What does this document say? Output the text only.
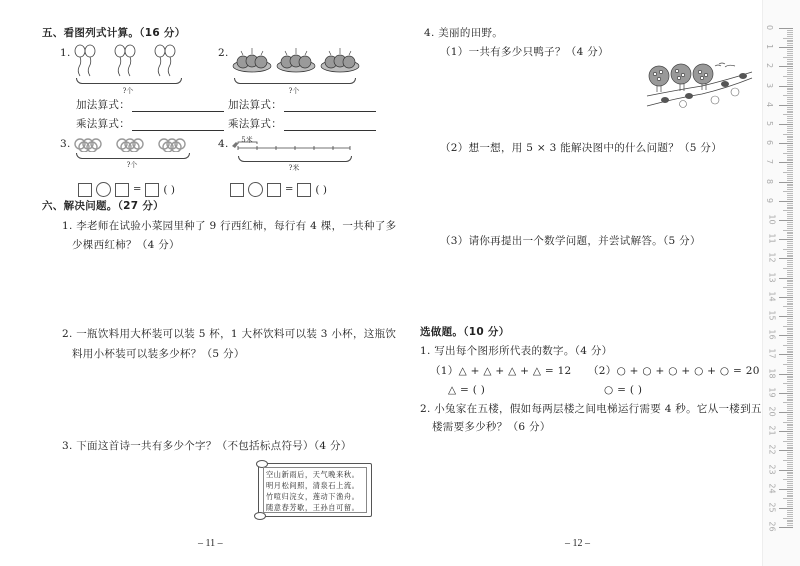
五、看图列式计算。（16 分）
1.
?个
加法算式：
乘法算式：
2.
?个
加法算式：
乘法算式：
3.
?个
= ( )
4.	5米
?米
= ( )
六、解决问题。（27 分）
1. 李老师在试验小菜园里种了 9 行西红柿，每行有 4 棵，一共种了多
少棵西红柿？（4 分）
2. 一瓶饮料用大杯装可以装 5 杯，1 大杯饮料可以装 3 小杯，这瓶饮
料用小杯装可以装多少杯？（5 分）
3. 下面这首诗一共有多少个字？（不包括标点符号）（4 分）
空山新雨后，天气晚来秋。
明月松间照，清泉石上流。
竹喧归浣女，莲动下渔舟。
随意春芳歇，王孙自可留。
– 11 –
4. 美丽的田野。
（1）一共有多少只鸭子？（4 分）
（2）想一想，用 5 × 3 能解决图中的什么问题？（5 分）
（3）请你再提出一个数学问题，并尝试解答。（5 分）
选做题。（10 分）
1. 写出每个图形所代表的数字。（4 分）
（1）△ + △ + △ + △ = 12
△ = ( )
（2）○ + ○ + ○ + ○ + ○ = 20
○ = ( )
2. 小兔家在五楼，假如每两层楼之间电梯运行需要 4 秒。它从一楼到五
楼需要多少秒？（6 分）
– 12 –
0
1
2
3
4
5
6
7
8
9
10
11
12
13
14
15
16
17
18
19
20
21
22
23
24
25
26
